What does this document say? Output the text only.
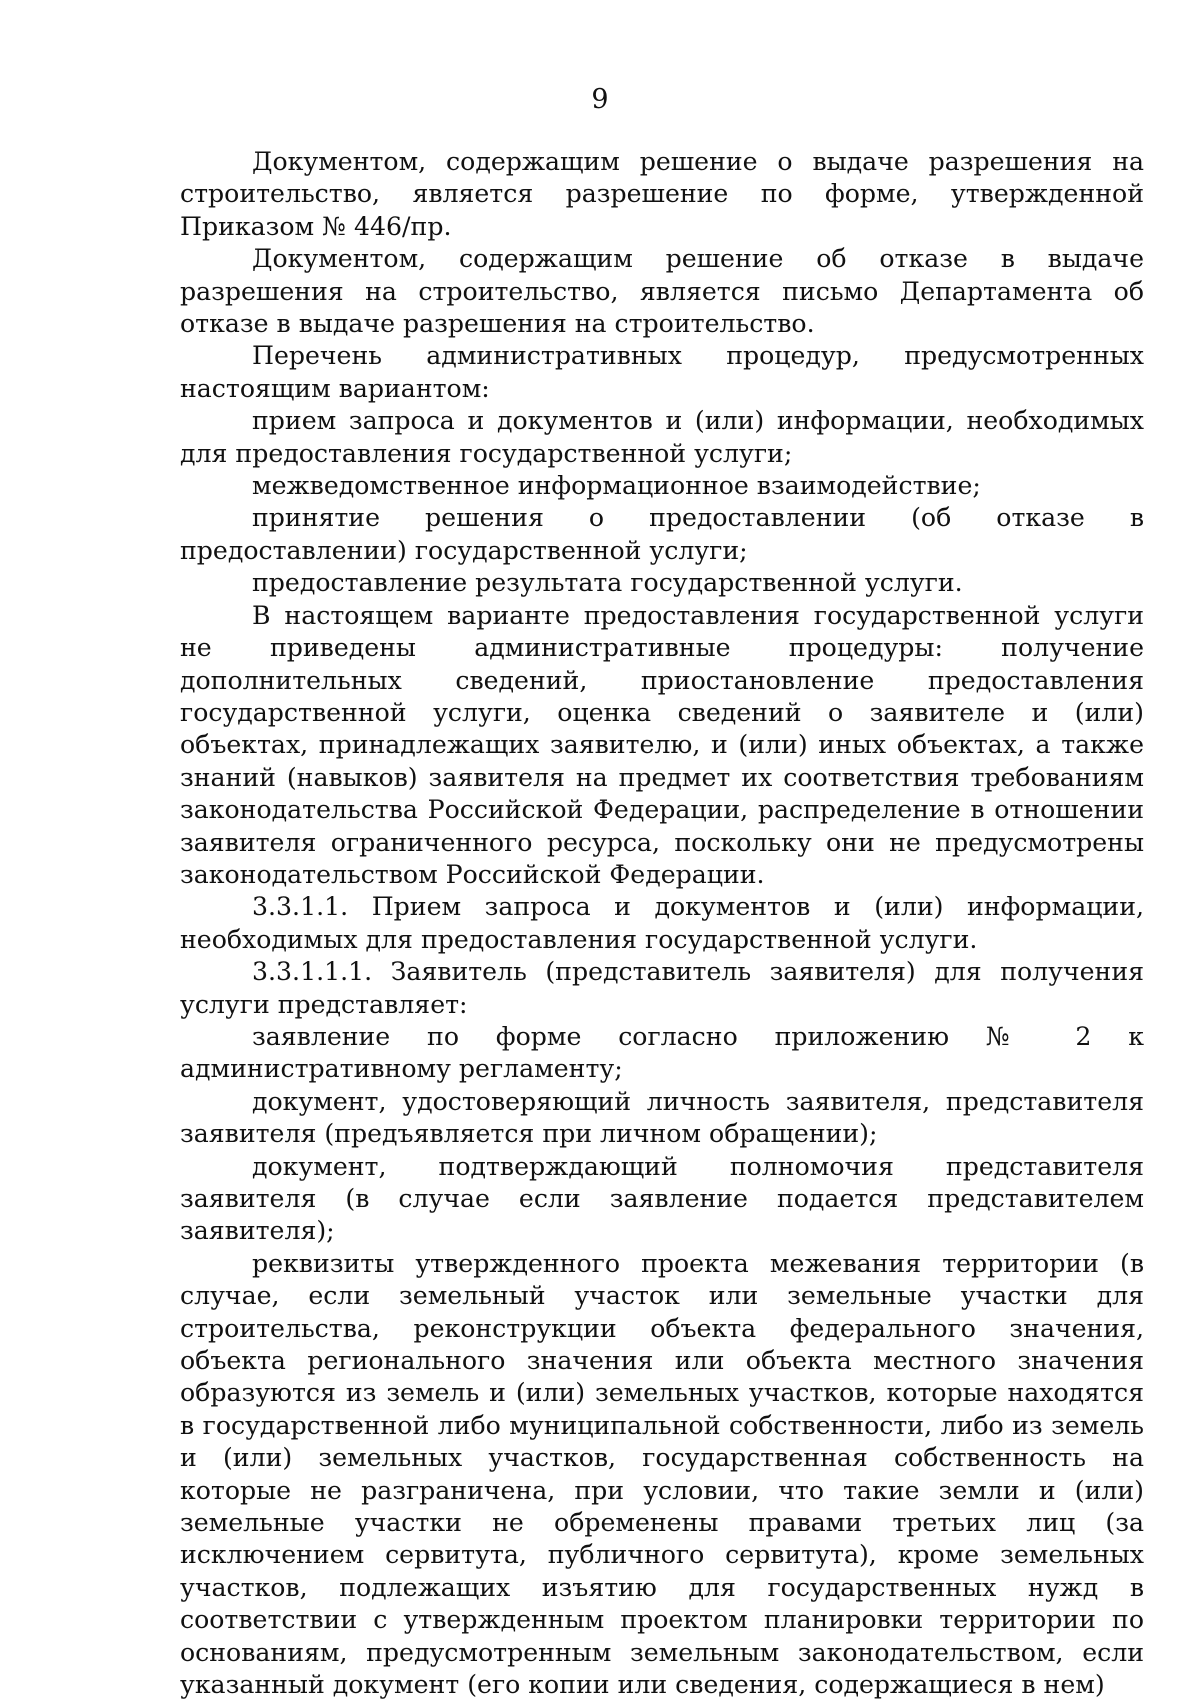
9

Документом, содержащим решение о выдаче разрешения на строительство, является разрешение по форме, утвержденной Приказом № 446/пр.

Документом, содержащим решение об отказе в выдаче разрешения на строительство, является письмо Департамента об отказе в выдаче разрешения на строительство.

Перечень административных процедур, предусмотренных настоящим вариантом:

прием запроса и документов и (или) информации, необходимых для предоставления государственной услуги;

межведомственное информационное взаимодействие;

принятие решения о предоставлении (об отказе в предоставлении) государственной услуги;

предоставление результата государственной услуги.

В настоящем варианте предоставления государственной услуги не приведены административные процедуры: получение дополнительных сведений, приостановление предоставления государственной услуги, оценка сведений о заявителе и (или) объектах, принадлежащих заявителю, и (или) иных объектах, а также знаний (навыков) заявителя на предмет их соответствия требованиям законодательства Российской Федерации, распределение в отношении заявителя ограниченного ресурса, поскольку они не предусмотрены законодательством Российской Федерации.

3.3.1.1. Прием запроса и документов и (или) информации, необходимых для предоставления государственной услуги.

3.3.1.1.1. Заявитель (представитель заявителя) для получения услуги представляет:

заявление по форме согласно приложению № 2 к административному регламенту;

документ, удостоверяющий личность заявителя, представителя заявителя (предъявляется при личном обращении);

документ, подтверждающий полномочия представителя заявителя (в случае если заявление подается представителем заявителя);

реквизиты утвержденного проекта межевания территории (в случае, если земельный участок или земельные участки для строительства, реконструкции объекта федерального значения, объекта регионального значения или объекта местного значения образуются из земель и (или) земельных участков, которые находятся в государственной либо муниципальной собственности, либо из земель и (или) земельных участков, государственная собственность на которые не разграничена, при условии, что такие земли и (или) земельные участки не обременены правами третьих лиц (за исключением сервитута, публичного сервитута), кроме земельных участков, подлежащих изъятию для государственных нужд в соответствии с утвержденным проектом планировки территории по основаниям, предусмотренным земельным законодательством, если указанный документ (его копии или сведения, содержащиеся в нем)
